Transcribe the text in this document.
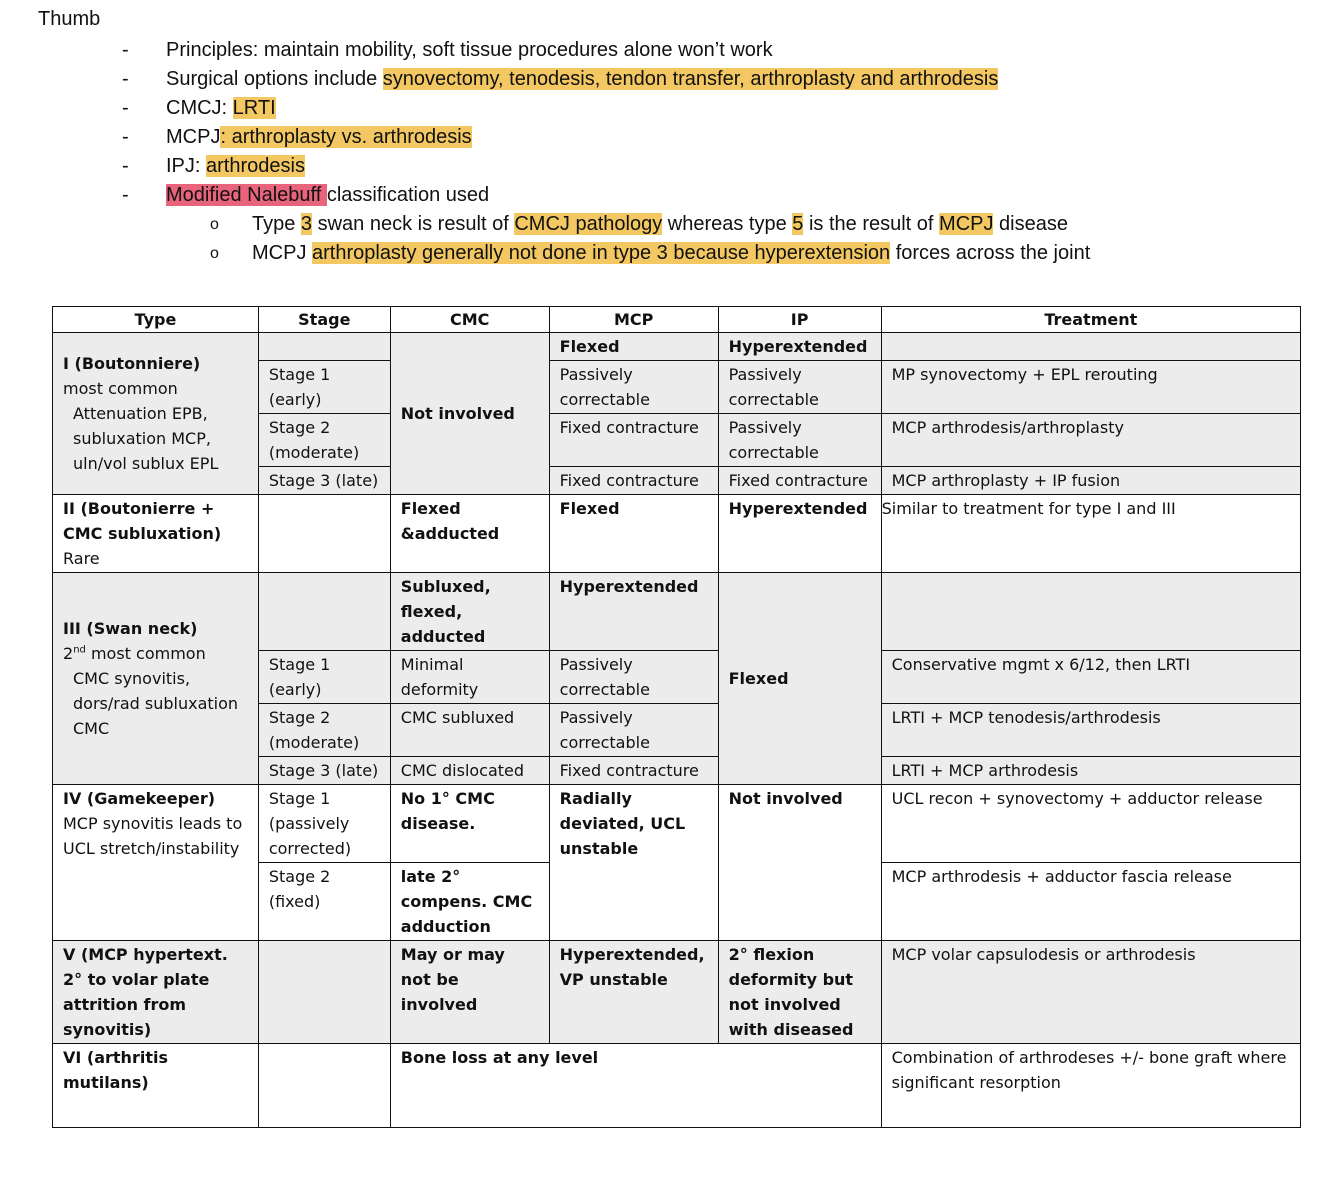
Thumb
- Principles: maintain mobility, soft tissue procedures alone won’t work
- Surgical options include synovectomy, tenodesis, tendon transfer, arthroplasty and arthrodesis
- CMCJ: LRTI
- MCPJ: arthroplasty vs. arthrodesis
- IPJ: arthrodesis
- Modified Nalebuff classification used
o Type 3 swan neck is result of CMCJ pathology whereas type 5 is the result of MCPJ disease
o MCPJ arthroplasty generally not done in type 3 because hyperextension forces across the joint
Type	Stage	CMC	MCP	IP	Treatment

I (Boutonniere)
most common
Attenuation EPB, subluxation MCP, uln/vol sublux EPL		Not involved	Flexed	Hyperextended	
	Stage 1 (early)		Passively correctable	Passively correctable	MP synovectomy + EPL rerouting
	Stage 2 (moderate)		Fixed contracture	Passively correctable	MCP arthrodesis/arthroplasty
	Stage 3 (late)		Fixed contracture	Fixed contracture	MCP arthroplasty + IP fusion

II (Boutonierre + CMC subluxation)
Rare		Flexed &adducted	Flexed	Hyperextended	Similar to treatment for type I and III

III (Swan neck)
2nd most common
CMC synovitis, dors/rad subluxation CMC		Subluxed, flexed, adducted	Hyperextended	Flexed	
	Stage 1 (early)	Minimal deformity	Passively correctable		Conservative mgmt x 6/12, then LRTI
	Stage 2 (moderate)	CMC subluxed	Passively correctable		LRTI + MCP tenodesis/arthrodesis
	Stage 3 (late)	CMC dislocated	Fixed contracture		LRTI + MCP arthrodesis

IV (Gamekeeper)
MCP synovitis leads to UCL stretch/instability	Stage 1 (passively corrected)	No 1° CMC disease.	Radially deviated, UCL unstable	Not involved	UCL recon + synovectomy + adductor release
	Stage 2 (fixed)	late 2° compens. CMC adduction			MCP arthrodesis + adductor fascia release
V (MCP hypertext. 2° to volar plate attrition from synovitis)		May or may not be involved	Hyperextended, VP unstable	2° flexion deformity but not involved with diseased	MCP volar capsulodesis or arthrodesis
VI (arthritis mutilans)		Bone loss at any level			Combination of arthrodeses +/- bone graft where significant resorption
